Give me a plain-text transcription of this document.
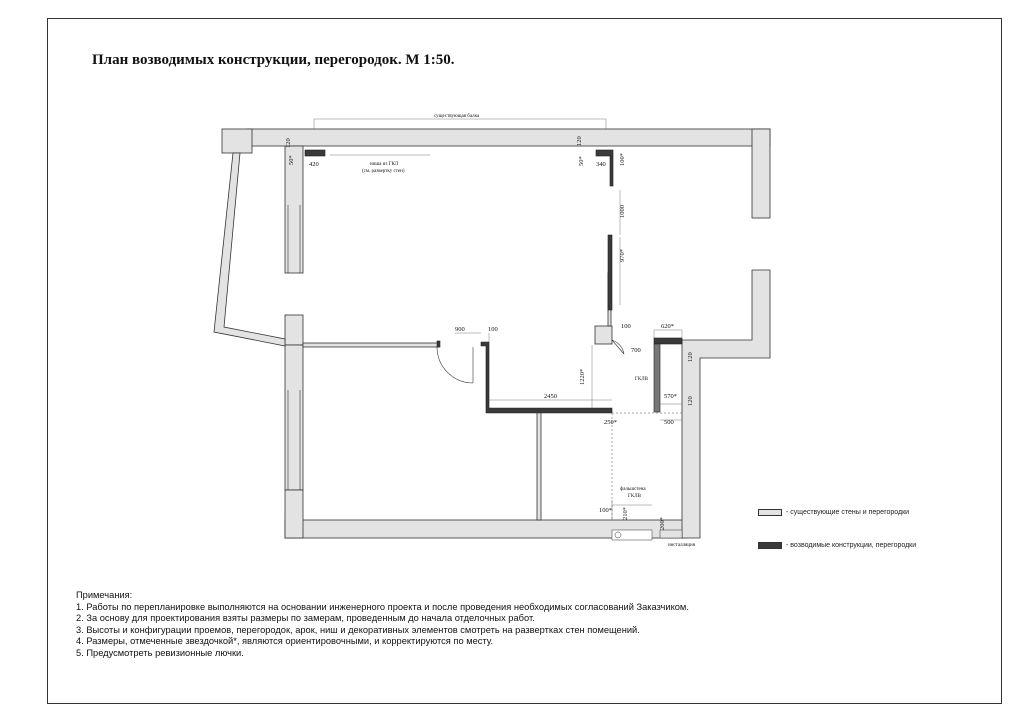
План возводимых конструкции, перегородок. М 1:50.
существующая балка
ниша из ГКЛ
(см. развертку стен)
ГКЛВ
фальшстена
ГКЛВ
инсталляция
120
50* 420
120
50* 340 100*
1000
970*
900	100	100
700
620*
120
1220*
2450	570* 120
250*	500
100* 210*
200*
- существующие стены и перегородки
- возводимые конструкции, перегородки
Примечания:
1. Работы по перепланировке выполняются на основании инженерного проекта и после проведения необходимых согласований Заказчиком.
2. За основу для проектирования взяты размеры по замерам, проведенным до начала отделочных работ.
3. Высоты и конфигурации проемов, перегородок, арок, ниш и декоративных элементов смотреть на развертках стен помещений.
4. Размеры, отмеченные звездочкой*, являются ориентировочными, и корректируются по месту.
5. Предусмотреть ревизионные лючки.
